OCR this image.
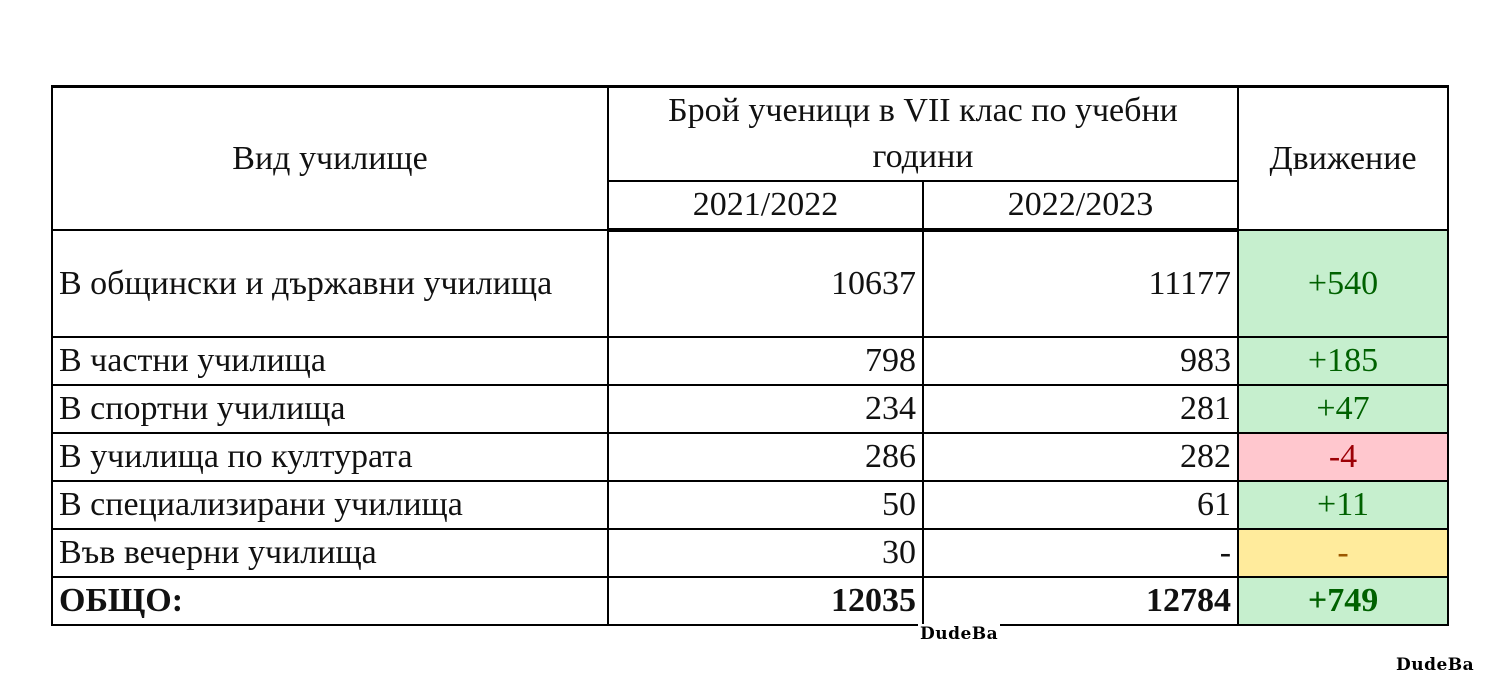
Вид училище	Брой ученици в VII клас по учебни години		Движение
	2021/2022	2022/2023	
В общински и държавни училища	10637	11177	+540
В частни училища	798	983	+185
В спортни училища	234	281	+47
В училища по културата	286	282	-4
В специализирани училища	50	61	+11
Във вечерни училища	30	-	-
ОБЩО:	12035	12784	+749
DudeBa
DudeBa
